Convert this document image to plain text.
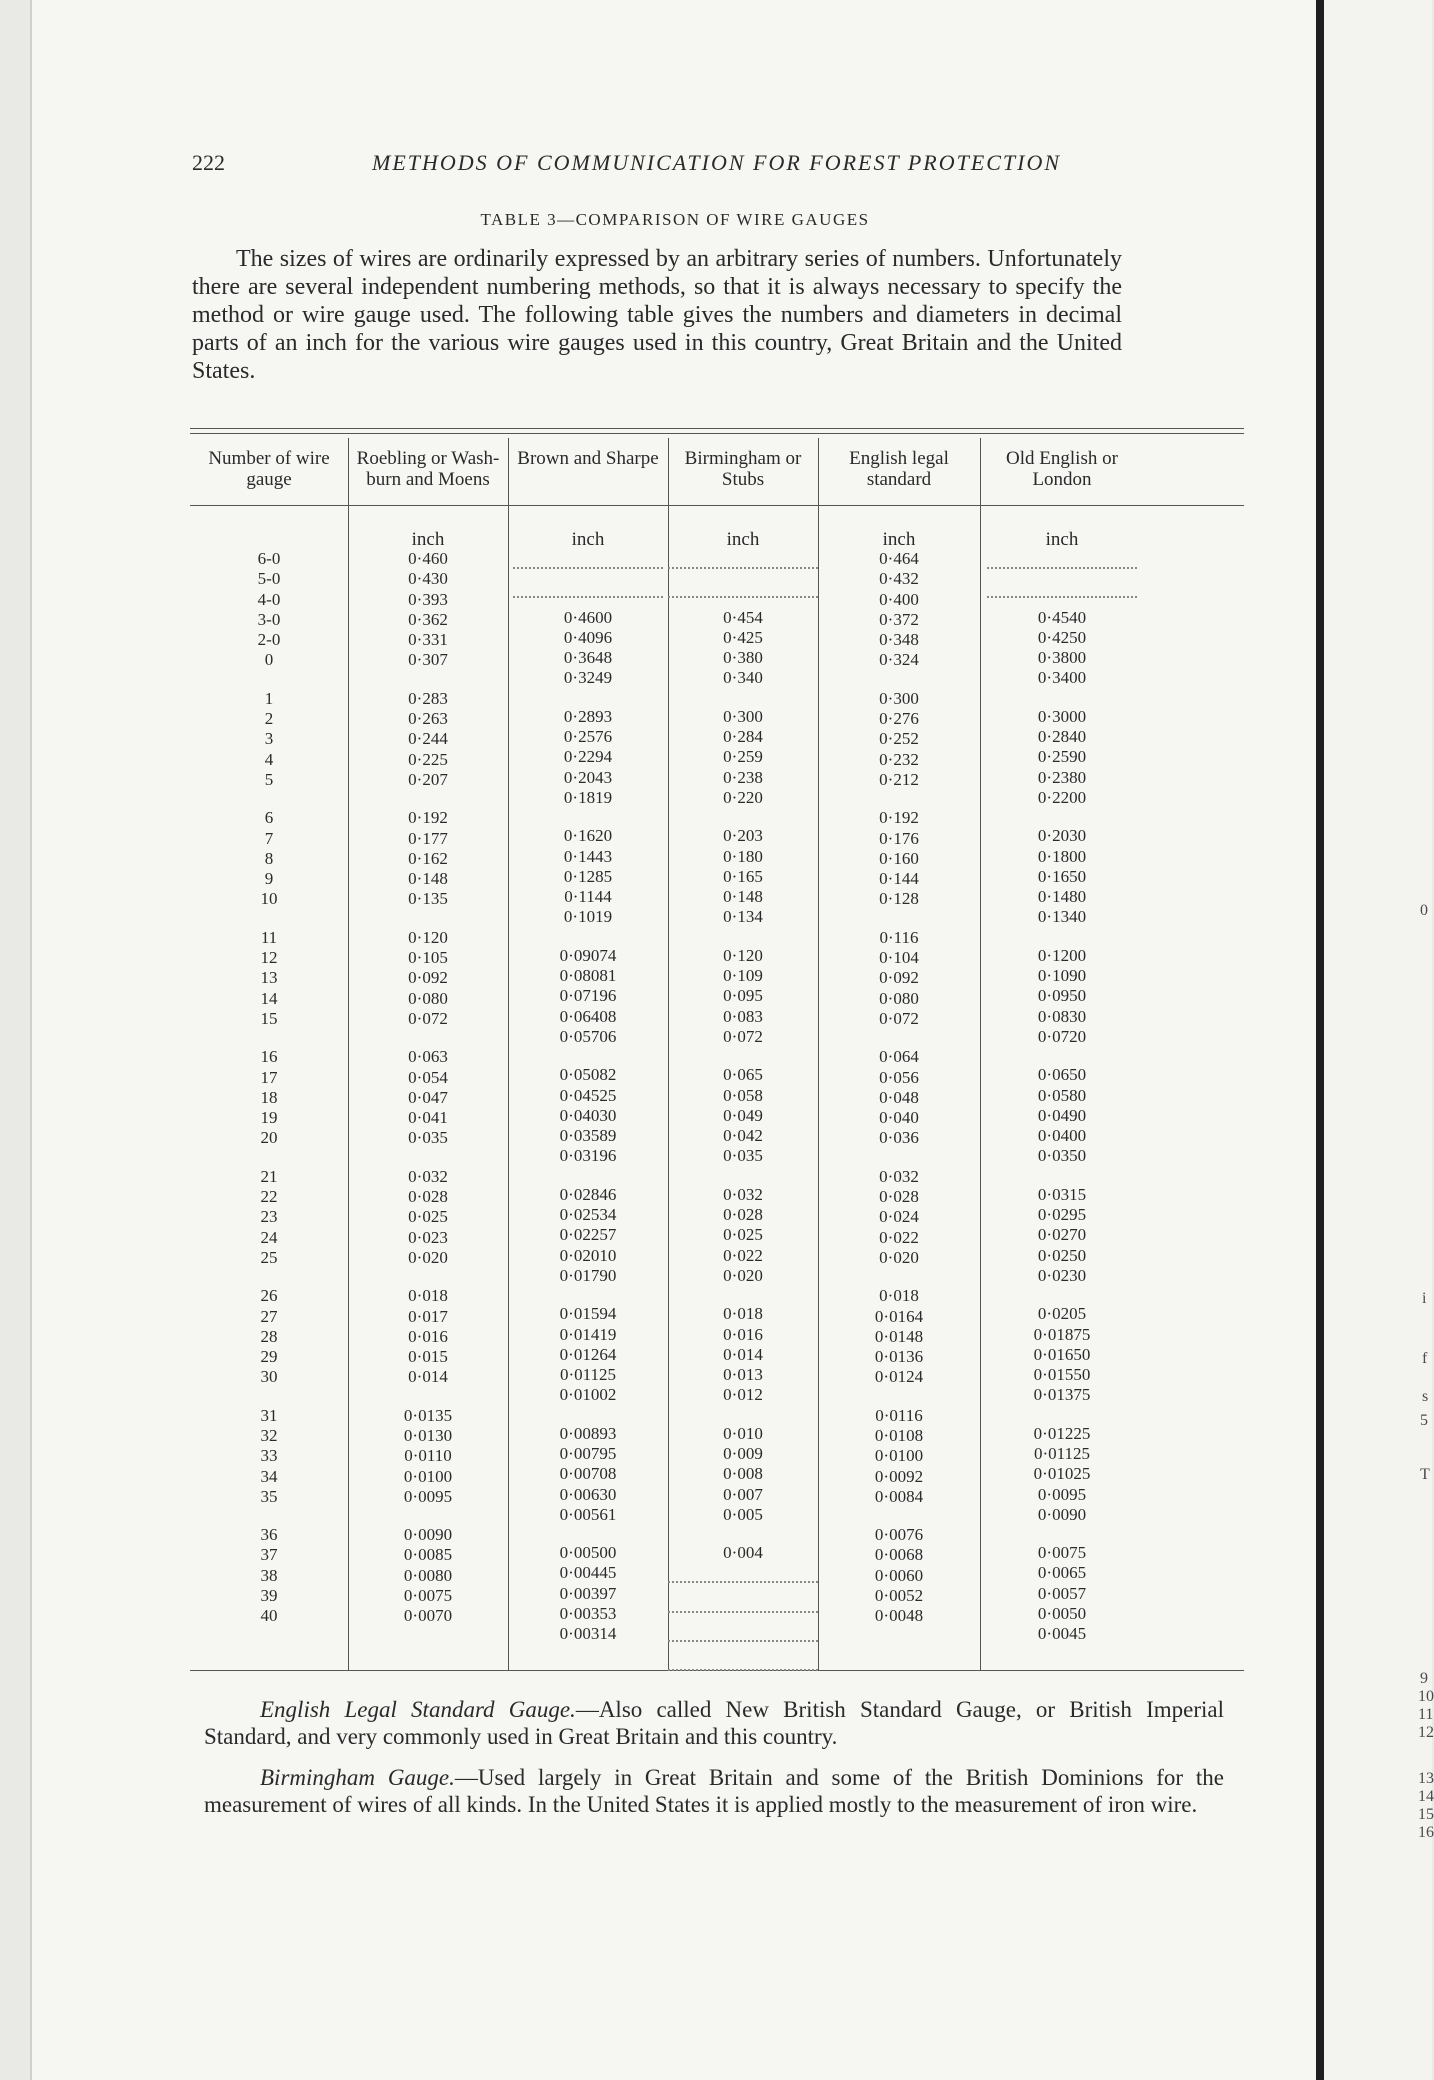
222	METHODS OF COMMUNICATION FOR FOREST PROTECTION
TABLE 3—COMPARISON OF WIRE GAUGES

The sizes of wires are ordinarily expressed by an arbitrary series of numbers. Unfortunately there are several independent numbering methods, so that it is always necessary to specify the method or wire gauge used. The following table gives the numbers and diameters in decimal parts of an inch for the various wire gauges used in this country, Great Britain and the United States.

Number of wire gauge
Roebling or Wash-burn and Moens
Brown and Sharpe	Birmingham or Stubs
English legal standard
Old English or London
6-0
5-0
4-0
3-0
2-0
0
1
2
3
4
5
6
7
8
9
10
11
12
13
14
15
16
17
18
19
20
21
22
23
24
25
26
27
28
29
30
31
32
33
34
35
36
37
38
39
40
inch
0·460
0·430
0·393
0·362
0·331
0·307
0·283
0·263
0·244
0·225
0·207
0·192
0·177
0·162
0·148
0·135
0·120
0·105
0·092
0·080
0·072
0·063
0·054
0·047
0·041
0·035
0·032
0·028
0·025
0·023
0·020
0·018
0·017
0·016
0·015
0·014
0·0135
0·0130
0·0110
0·0100
0·0095
0·0090
0·0085
0·0080
0·0075
0·0070
inch
0·4600
0·4096
0·3648
0·3249
0·2893
0·2576
0·2294
0·2043
0·1819
0·1620
0·1443
0·1285
0·1144
0·1019
0·09074
0·08081
0·07196
0·06408
0·05706
0·05082
0·04525
0·04030
0·03589
0·03196
0·02846
0·02534
0·02257
0·02010
0·01790
0·01594
0·01419
0·01264
0·01125
0·01002
0·00893
0·00795
0·00708
0·00630
0·00561
0·00500
0·00445
0·00397
0·00353
0·00314
inch
0·454
0·425
0·380
0·340
0·300
0·284
0·259
0·238
0·220
0·203
0·180
0·165
0·148
0·134
0·120
0·109
0·095
0·083
0·072
0·065
0·058
0·049
0·042
0·035
0·032
0·028
0·025
0·022
0·020
0·018
0·016
0·014
0·013
0·012
0·010
0·009
0·008
0·007
0·005
0·004
inch
0·464
0·432
0·400
0·372
0·348
0·324
0·300
0·276
0·252
0·232
0·212
0·192
0·176
0·160
0·144
0·128
0·116
0·104
0·092
0·080
0·072
0·064
0·056
0·048
0·040
0·036
0·032
0·028
0·024
0·022
0·020
0·018
0·0164
0·0148
0·0136
0·0124
0·0116
0·0108
0·0100
0·0092
0·0084
0·0076
0·0068
0·0060
0·0052
0·0048
inch
0·4540
0·4250
0·3800
0·3400
0·3000
0·2840
0·2590
0·2380
0·2200
0·2030
0·1800
0·1650
0·1480
0·1340
0·1200
0·1090
0·0950
0·0830
0·0720
0·0650
0·0580
0·0490
0·0400
0·0350
0·0315
0·0295
0·0270
0·0250
0·0230
0·0205
0·01875
0·01650
0·01550
0·01375
0·01225
0·01125
0·01025
0·0095
0·0090
0·0075
0·0065
0·0057
0·0050
0·0045

English Legal Standard Gauge.—Also called New British Standard Gauge, or British Imperial Standard, and very commonly used in Great Britain and this country.

Birmingham Gauge.—Used largely in Great Britain and some of the British Dominions for the measurement of wires of all kinds. In the United States it is applied mostly to the measurement of iron wire.

0
i
f
s
5
T
9
10
11
12
13
14
15
16
